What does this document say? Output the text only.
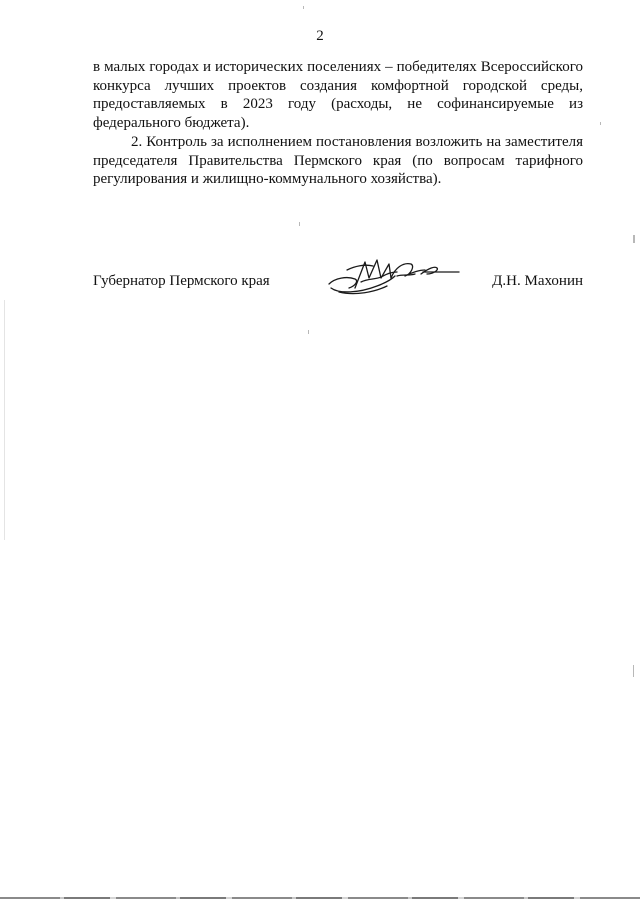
2

в малых городах и исторических поселениях – победителях Всероссийского конкурса лучших проектов создания комфортной городской среды, предоставляемых в 2023 году (расходы, не софинансируемые из федерального бюджета).

2. Контроль за исполнением постановления возложить на заместителя председателя Правительства Пермского края (по вопросам тарифного регулирования и жилищно-коммунального хозяйства).

Губернатор Пермского края	Д.Н. Махонин
